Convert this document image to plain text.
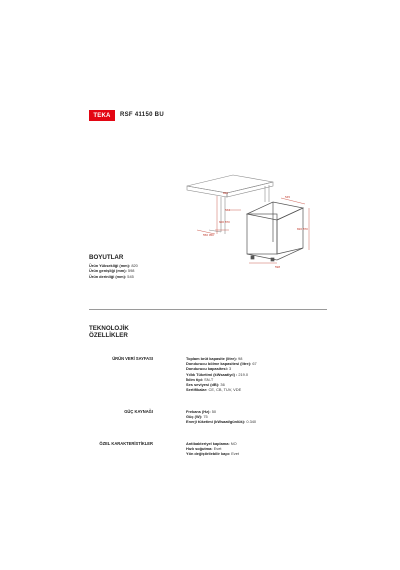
TEKA RSF 41150 BU
820
560
600 870
550 050
545
820 870
598
BOYUTLAR
Ürün Yüksekliği (mm): 820
Ürün genişliği (mm): 598
Ürün derinliği (mm): 545
TEKNOLOJİK
ÖZELLİKLER
ÜRÜN VERİ SAYFASI	Toplam brüt kapasite (litre): 98
Dondurucu bölme kapasitesi (litre): 67
Dondurucu kapasitesi: 3
Yıllık Tüketimi (kWsaat/yıl) : 219.0
İklim tipi: SN-T
Ses seviyesi (dB): 36
Sertifikalar: CE, CB, TUV, VDE
GÜÇ KAYNAĞI	Frekans (Hz): 50
Güç (W): 75
Enerji tüketimi (kWsaat/günlük): 0.340
ÖZEL KARAKTERİSTİKLER	Antibakteriyel kaplama: NO
Hızlı soğutma: Evet
Yön değiştirilebilir kapı: Evet
